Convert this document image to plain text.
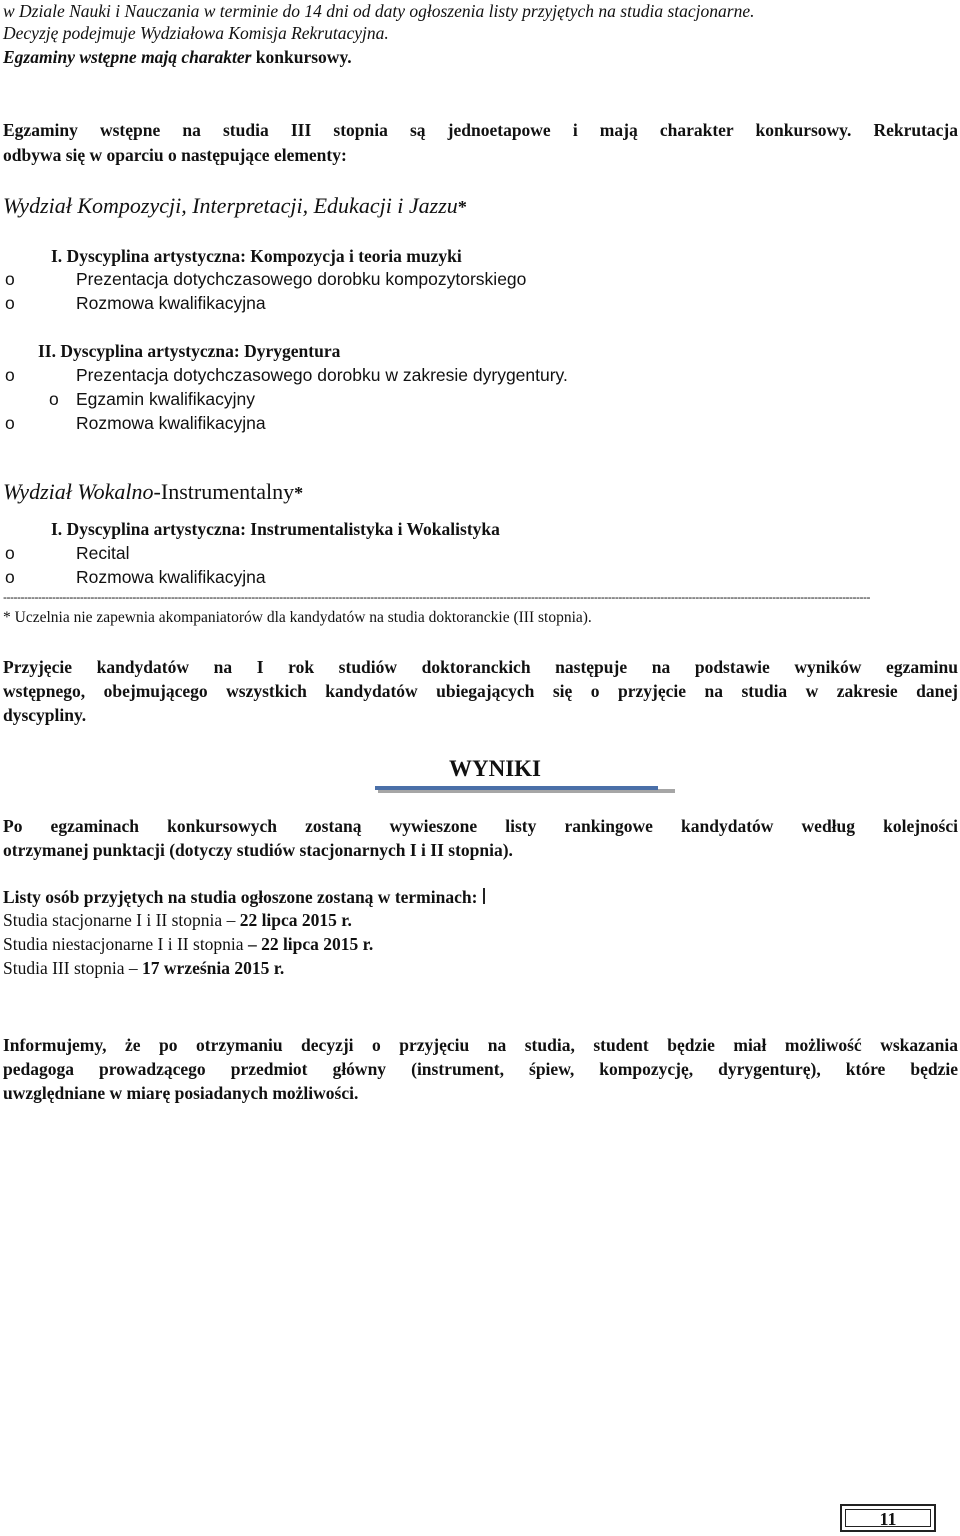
w Dziale Nauki i Nauczania w terminie do 14 dni od daty ogłoszenia listy przyjętych na studia stacjonarne.
Decyzję podejmuje Wydziałowa Komisja Rekrutacyjna.
Egzaminy wstępne mają charakter konkursowy.
Egzaminy wstępne na studia III stopnia są jednoetapowe i mają charakter konkursowy. Rekrutacja
odbywa się w oparciu o następujące elementy:
Wydział Kompozycji, Interpretacji, Edukacji i Jazzu*
I. Dyscyplina artystyczna: Kompozycja i teoria muzyki
o	Prezentacja dotychczasowego dorobku kompozytorskiego
o	Rozmowa kwalifikacyjna
II. Dyscyplina artystyczna: Dyrygentura
o	Prezentacja dotychczasowego dorobku w zakresie dyrygentury.
o Egzamin kwalifikacyjny
o	Rozmowa kwalifikacyjna
Wydział Wokalno-Instrumentalny*
I. Dyscyplina artystyczna: Instrumentalistyka i Wokalistyka
o	Recital
o	Rozmowa kwalifikacyjna
--------------------------------------------------------------------------------------------------------------------------------------------------------------------------------------------------------------------------------------------------------
* Uczelnia nie zapewnia akompaniatorów dla kandydatów na studia doktoranckie (III stopnia).
Przyjęcie kandydatów na I rok studiów doktoranckich następuje na podstawie wyników egzaminu
wstępnego, obejmującego wszystkich kandydatów ubiegających się o przyjęcie na studia w zakresie danej
dyscypliny.
WYNIKI
Po egzaminach konkursowych zostaną wywieszone listy rankingowe kandydatów według kolejności
otrzymanej punktacji (dotyczy studiów stacjonarnych I i II stopnia).
Listy osób przyjętych na studia ogłoszone zostaną w terminach:
Studia stacjonarne I i II stopnia – 22 lipca 2015 r.
Studia niestacjonarne I i II stopnia – 22 lipca 2015 r.
Studia III stopnia – 17 września 2015 r.
Informujemy, że po otrzymaniu decyzji o przyjęciu na studia, student będzie miał możliwość wskazania
pedagoga prowadzącego przedmiot główny (instrument, śpiew, kompozycję, dyrygenturę), które będzie
uwzględniane w miarę posiadanych możliwości.
11
